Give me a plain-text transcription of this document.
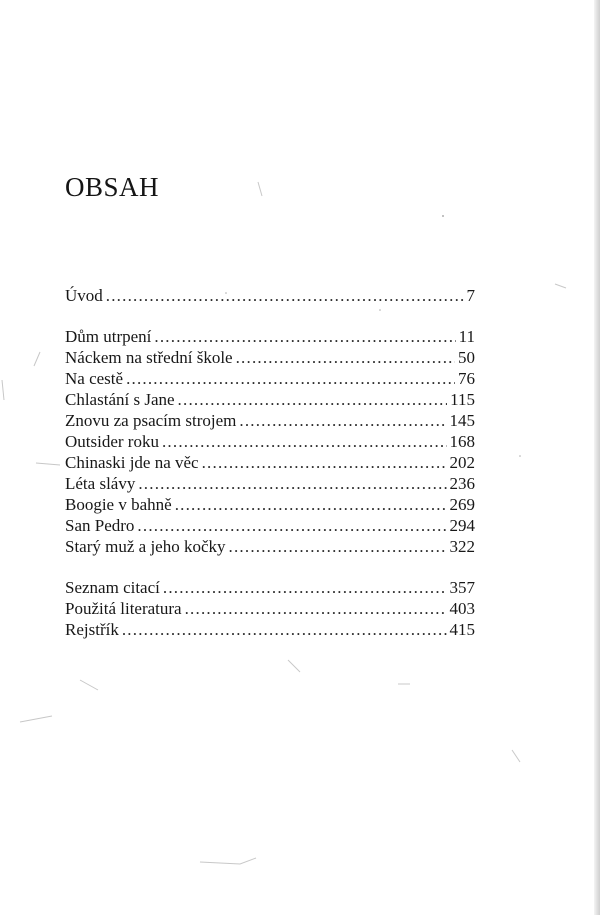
OBSAH
Úvod .....	7
Dům utrpení .....	11
Náckem na střední škole .....	50
Na cestě .....	76
Chlastání s Jane .....	115
Znovu za psacím strojem .....	145
Outsider roku .....	168
Chinaski jde na věc .....	202
Léta slávy .....	236
Boogie v bahně .....	269
San Pedro .....	294
Starý muž a jeho kočky .....	322
Seznam citací .....	357
Použitá literatura .....	403
Rejstřík .....	415
